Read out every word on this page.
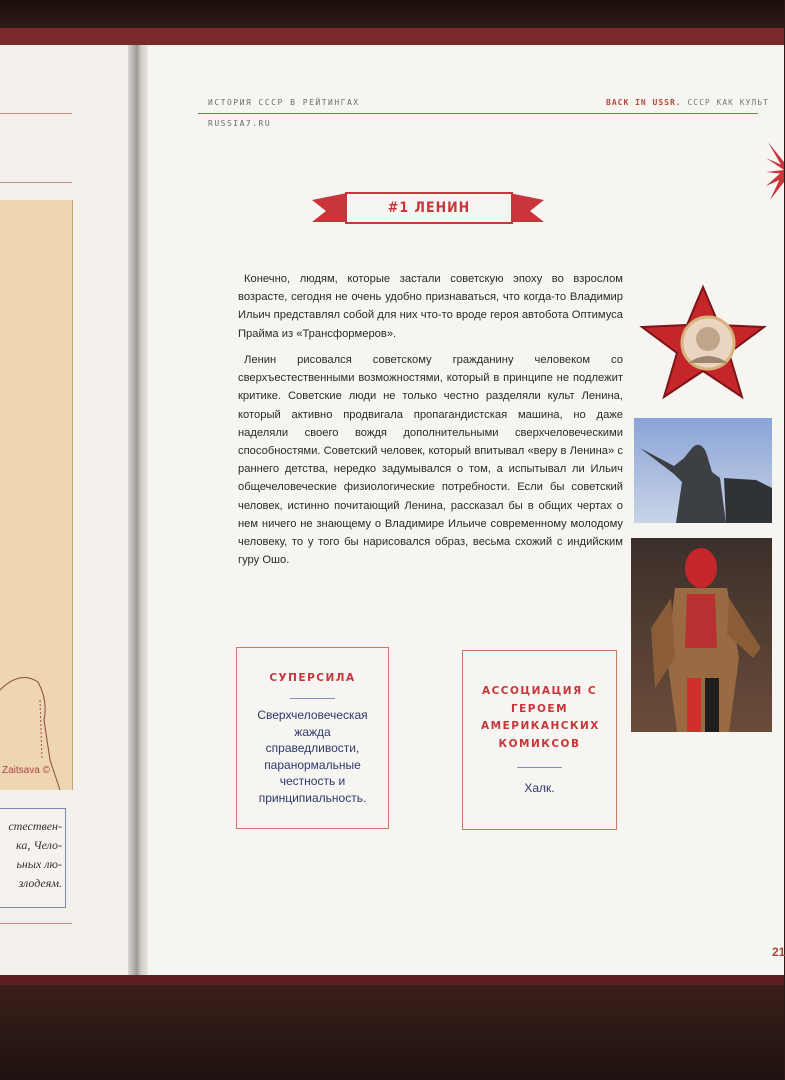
Zaitsava ©
стествен-
ка, Чело-
ьных лю-
злодеям.
ИСТОРИЯ СССР В РЕЙТИНГАХ
RUSSIA7.RU
BACK IN USSR. СССР КАК КУЛЬТ
#1 ЛЕНИН

Конечно, людям, которые застали советскую эпоху во взрослом возрасте, сегодня не очень удобно признаваться, что когда-то Владимир Ильич представлял собой для них что-то вроде героя автобота Оптимуса Прайма из «Трансформеров».

Ленин рисовался советскому гражданину человеком со сверхъестественными возможностями, который в принципе не подлежит критике. Советские люди не только честно разделяли культ Ленина, который активно продвигала пропагандистская машина, но даже наделяли своего вождя дополнительными сверхчеловеческими способностями. Советский человек, который впитывал «веру в Ленина» с раннего детства, нередко задумывался о том, а испытывал ли Ильич общечеловеческие физиологические потребности. Если бы советский человек, истинно почитающий Ленина, рассказал бы в общих чертах о нем ничего не знающему о Владимире Ильиче современному молодому человеку, то у того бы нарисовался образ, весьма схожий с индийским гуру Ошо.

СУПЕРСИЛА
Сверхчеловеческая жажда справедливости, паранормальные честность и принципиальность.
АССОЦИАЦИЯ С ГЕРОЕМ АМЕРИКАНСКИХ КОМИКСОВ
Халк.
21
